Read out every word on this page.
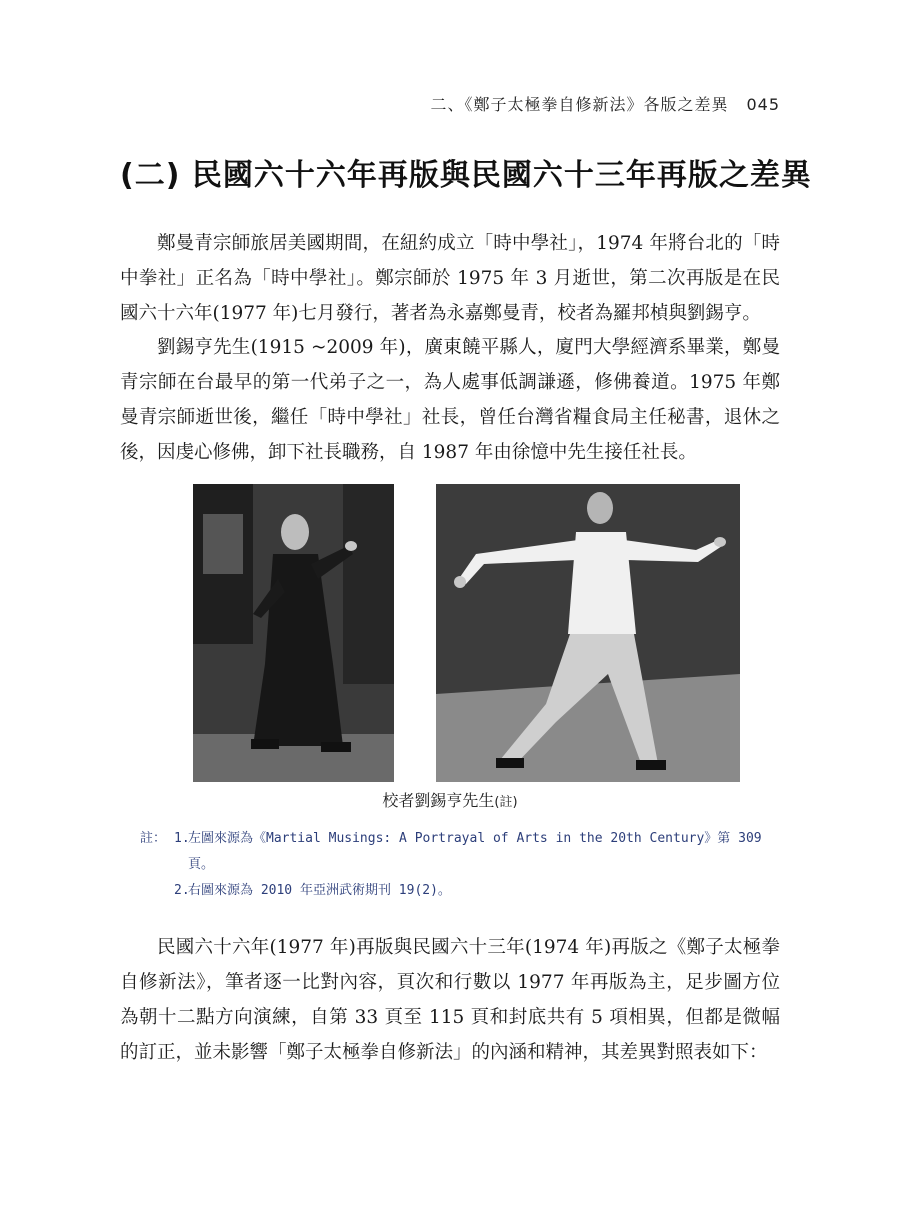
二、《鄭子太極拳自修新法》各版之差異 045
(二) 民國六十六年再版與民國六十三年再版之差異

鄭曼青宗師旅居美國期間，在紐約成立「時中學社」，1974 年將台北的「時中拳社」正名為「時中學社」。鄭宗師於 1975 年 3 月逝世，第二次再版是在民國六十六年(1977 年)七月發行，著者為永嘉鄭曼青，校者為羅邦楨與劉錫亨。

劉錫亨先生(1915 ~2009 年)，廣東饒平縣人，廈門大學經濟系畢業，鄭曼青宗師在台最早的第一代弟子之一，為人處事低調謙遜，修佛養道。1975 年鄭曼青宗師逝世後，繼任「時中學社」社長，曾任台灣省糧食局主任秘書，退休之後，因虔心修佛，卸下社長職務，自 1987 年由徐憶中先生接任社長。

校者劉錫亨先生(註)
註： 1.
左圖來源為《Martial Musings: A Portrayal of Arts in the 20th Century》第 309 頁。
2.
右圖來源為 2010 年亞洲武術期刊 19(2)。

民國六十六年(1977 年)再版與民國六十三年(1974 年)再版之《鄭子太極拳自修新法》，筆者逐一比對內容，頁次和行數以 1977 年再版為主，足步圖方位為朝十二點方向演練，自第 33 頁至 115 頁和封底共有 5 項相異，但都是微幅的訂正，並未影響「鄭子太極拳自修新法」的內涵和精神，其差異對照表如下：
